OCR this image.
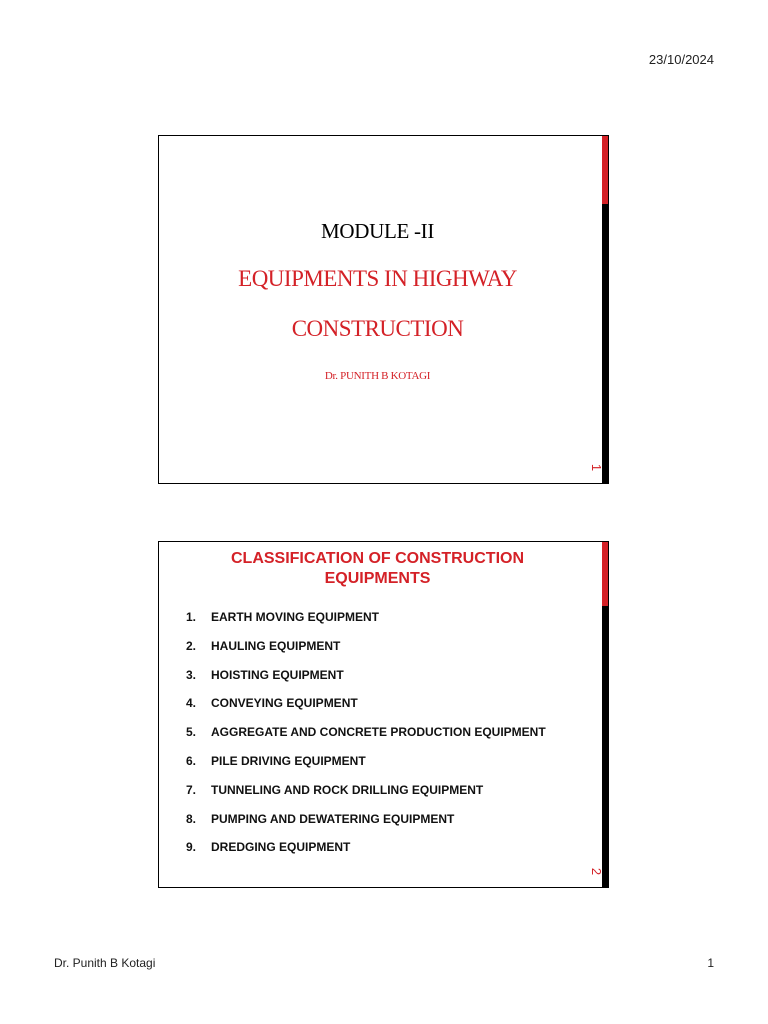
23/10/2024
MODULE -II
EQUIPMENTS IN HIGHWAY
CONSTRUCTION
Dr. PUNITH B KOTAGI
1
CLASSIFICATION OF CONSTRUCTION
EQUIPMENTS
1.	EARTH MOVING EQUIPMENT
2.	HAULING EQUIPMENT
3.	HOISTING EQUIPMENT
4.	CONVEYING EQUIPMENT
5.	AGGREGATE AND CONCRETE PRODUCTION EQUIPMENT
6.	PILE DRIVING EQUIPMENT
7.	TUNNELING AND ROCK DRILLING EQUIPMENT
8.	PUMPING AND DEWATERING EQUIPMENT
9.	DREDGING EQUIPMENT
2
Dr. Punith B Kotagi	1
